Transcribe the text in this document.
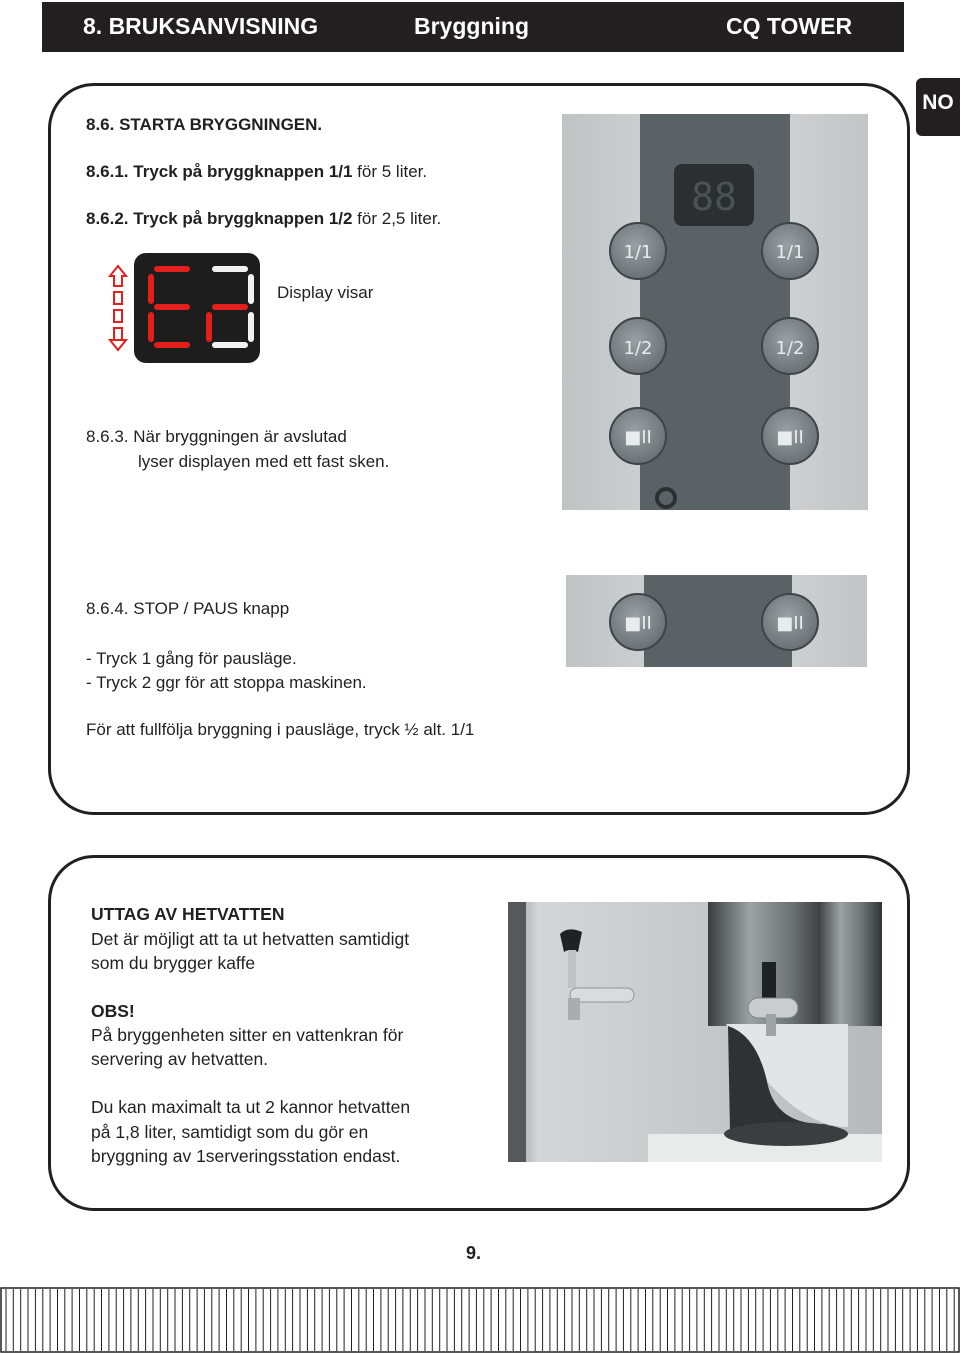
8. BRUKSANVISNING	Bryggning	CQ TOWER
NO
8.6. STARTA BRYGGNINGEN.
8.6.1. Tryck på bryggknappen 1/1 för 5 liter.
8.6.2. Tryck på bryggknappen 1/2 för 2,5 liter.
Display visar
8.6.3. När bryggningen är avslutad
lyser displayen med ett fast sken.
8.6.4. STOP / PAUS knapp
- Tryck 1 gång för pausläge.
- Tryck 2 ggr för att stoppa maskinen.
För att fullfölja bryggning i pausläge, tryck ½ alt. 1/1
88
1/1
1/2
■II
1/1
1/2
■II
■II	■II
UTTAG AV HETVATTEN
Det är möjligt att ta ut hetvatten samtidigt
som du brygger kaffe
OBS!
På bryggenheten sitter en vattenkran för
servering av hetvatten.
Du kan maximalt ta ut 2 kannor hetvatten
på 1,8 liter, samtidigt som du gör en
bryggning av 1serveringsstation endast.
9.
